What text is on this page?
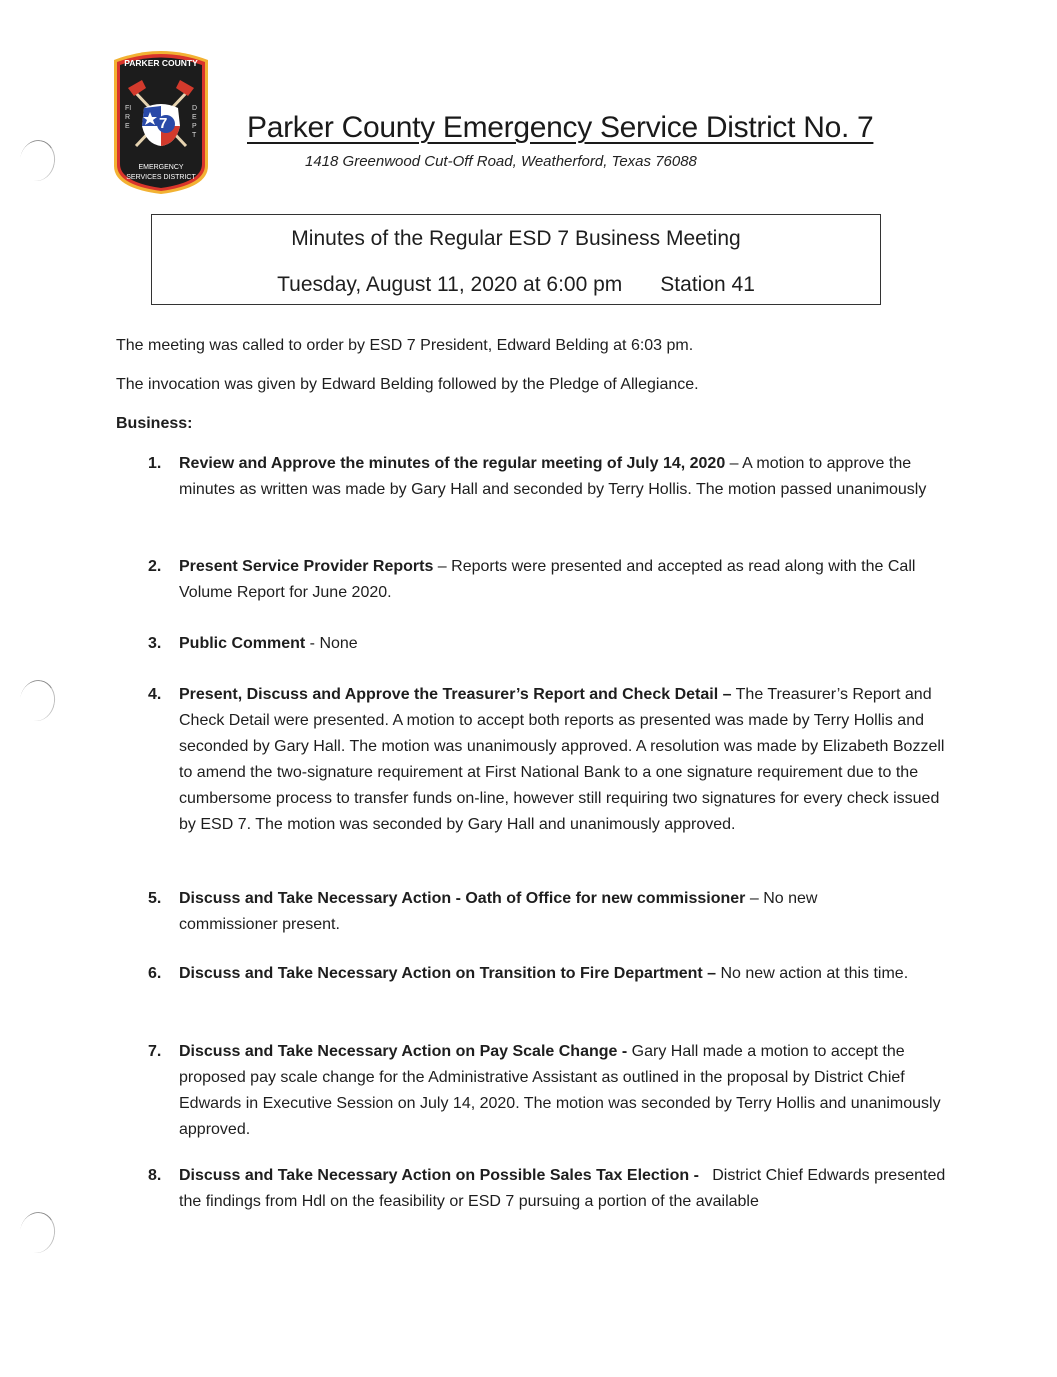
PARKER COUNTY
7
FIRE
DEPT
EMERGENCY
SERVICES DISTRICT
Parker County Emergency Service District No. 7
1418 Greenwood Cut-Off Road, Weatherford, Texas 76088
Minutes of the Regular ESD 7 Business Meeting
Tuesday, August 11, 2020 at 6:00 pm Station 41
The meeting was called to order by ESD 7 President, Edward Belding at 6:03 pm.
The invocation was given by Edward Belding followed by the Pledge of Allegiance.
Business:
1. Review and Approve the minutes of the regular meeting of July 14, 2020 – A motion to approve the minutes as written was made by Gary Hall and seconded by Terry Hollis. The motion passed unanimously
2. Present Service Provider Reports – Reports were presented and accepted as read along with the Call Volume Report for June 2020.
3. Public Comment - None
4. Present, Discuss and Approve the Treasurer’s Report and Check Detail – The Treasurer’s Report and Check Detail were presented. A motion to accept both reports as presented was made by Terry Hollis and seconded by Gary Hall. The motion was unanimously approved. A resolution was made by Elizabeth Bozzell to amend the two-signature requirement at First National Bank to a one signature requirement due to the cumbersome process to transfer funds on-line, however still requiring two signatures for every check issued by ESD 7. The motion was seconded by Gary Hall and unanimously approved.
5. Discuss and Take Necessary Action - Oath of Office for new commissioner – No new commissioner present.
6. Discuss and Take Necessary Action on Transition to Fire Department – No new action at this time.
7. Discuss and Take Necessary Action on Pay Scale Change - Gary Hall made a motion to accept the proposed pay scale change for the Administrative Assistant as outlined in the proposal by District Chief Edwards in Executive Session on July 14, 2020. The motion was seconded by Terry Hollis and unanimously approved.
8. Discuss and Take Necessary Action on Possible Sales Tax Election - District Chief Edwards presented the findings from Hdl on the feasibility or ESD 7 pursuing a portion of the available
